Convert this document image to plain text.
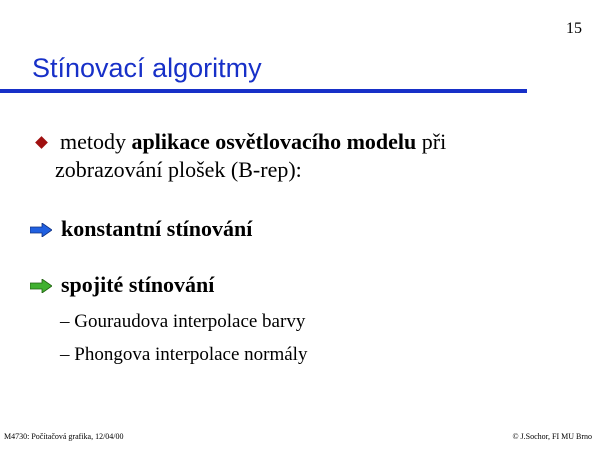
15
Stínovací algoritmy
metody aplikace osvětlovacího modelu při
zobrazování plošek (B-rep):
konstantní stínování
spojité stínování
– Gouraudova interpolace barvy
– Phongova interpolace normály
M4730: Počítačová grafika, 12/04/00	© J.Sochor, FI MU Brno
